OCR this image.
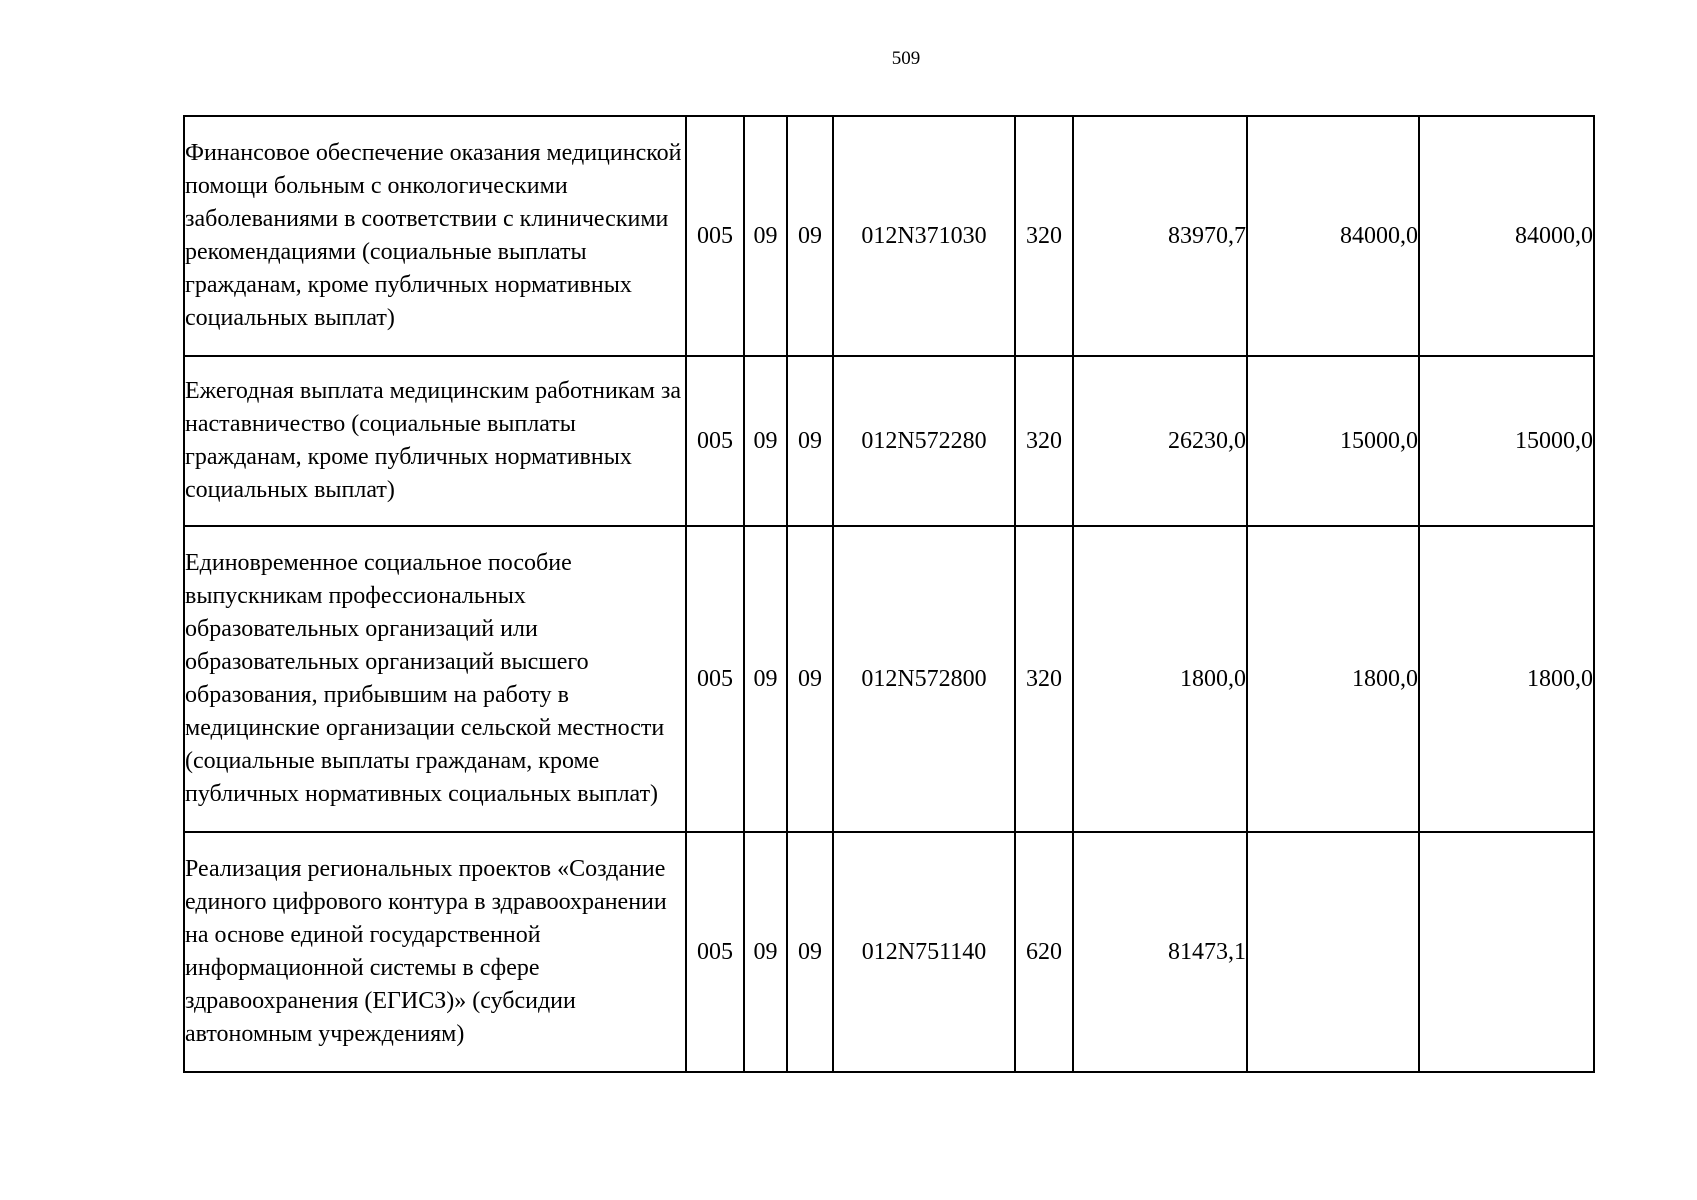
509
Финансовое обеспечение оказания медицинской помощи больным с онкологическими заболеваниями в соответствии с клиническими рекомендациями (социальные выплаты гражданам, кроме публичных нормативных социальных выплат)	005	09	09	012N371030	320	83970,7	84000,0	84000,0
Ежегодная выплата медицинским работникам за наставничество (социальные выплаты гражданам, кроме публичных нормативных социальных выплат)	005	09	09	012N572280	320	26230,0	15000,0	15000,0
Единовременное социальное пособие выпускникам профессиональных образовательных организаций или образовательных организаций высшего образования, прибывшим на работу в медицинские организации сельской местности (социальные выплаты гражданам, кроме публичных нормативных социальных выплат)	005	09	09	012N572800	320	1800,0	1800,0	1800,0
Реализация региональных проектов «Создание единого цифрового контура в здравоохранении на основе единой государственной информационной системы в сфере здравоохранения (ЕГИСЗ)» (субсидии автономным учреждениям)	005	09	09	012N751140	620	81473,1		
